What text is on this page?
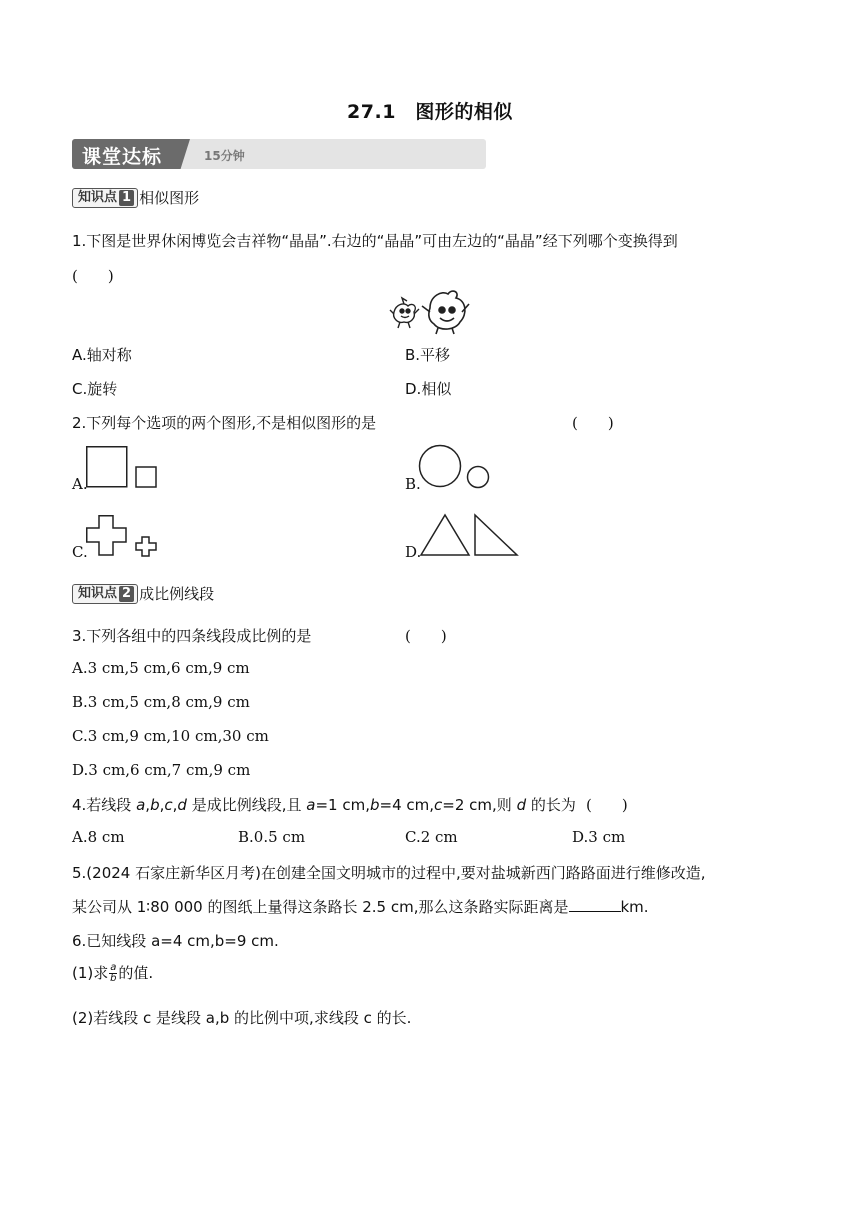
27.1　图形的相似
课堂达标	15分钟
知识点 1 相似图形
1.下图是世界休闲博览会吉祥物“晶晶”.右边的“晶晶”可由左边的“晶晶”经下列哪个变换得到
(　　)
A.轴对称	B.平移
C.旋转	D.相似
2.下列每个选项的两个图形,不是相似图形的是	(　　)
A.	B.
C.	D.
知识点 2 成比例线段
3.下列各组中的四条线段成比例的是	(　　)
A.3 cm,5 cm,6 cm,9 cm
B.3 cm,5 cm,8 cm,9 cm
C.3 cm,9 cm,10 cm,30 cm
D.3 cm,6 cm,7 cm,9 cm
4.若线段 a,b,c,d 是成比例线段,且 a=1 cm,b=4 cm,c=2 cm,则 d 的长为 (　　)
A.8 cm	B.0.5 cm	C.2 cm	D.3 cm
5.(2024 石家庄新华区月考)在创建全国文明城市的过程中,要对盐城新西门路路面进行维修改造,
某公司从 1∶80 000 的图纸上量得这条路长 2.5 cm,那么这条路实际距离是	km.
6.已知线段 a=4 cm,b=9 cm.
(1)求 $\frac{a}{b}$ 的值.
(2)若线段 c 是线段 a,b 的比例中项,求线段 c 的长.
